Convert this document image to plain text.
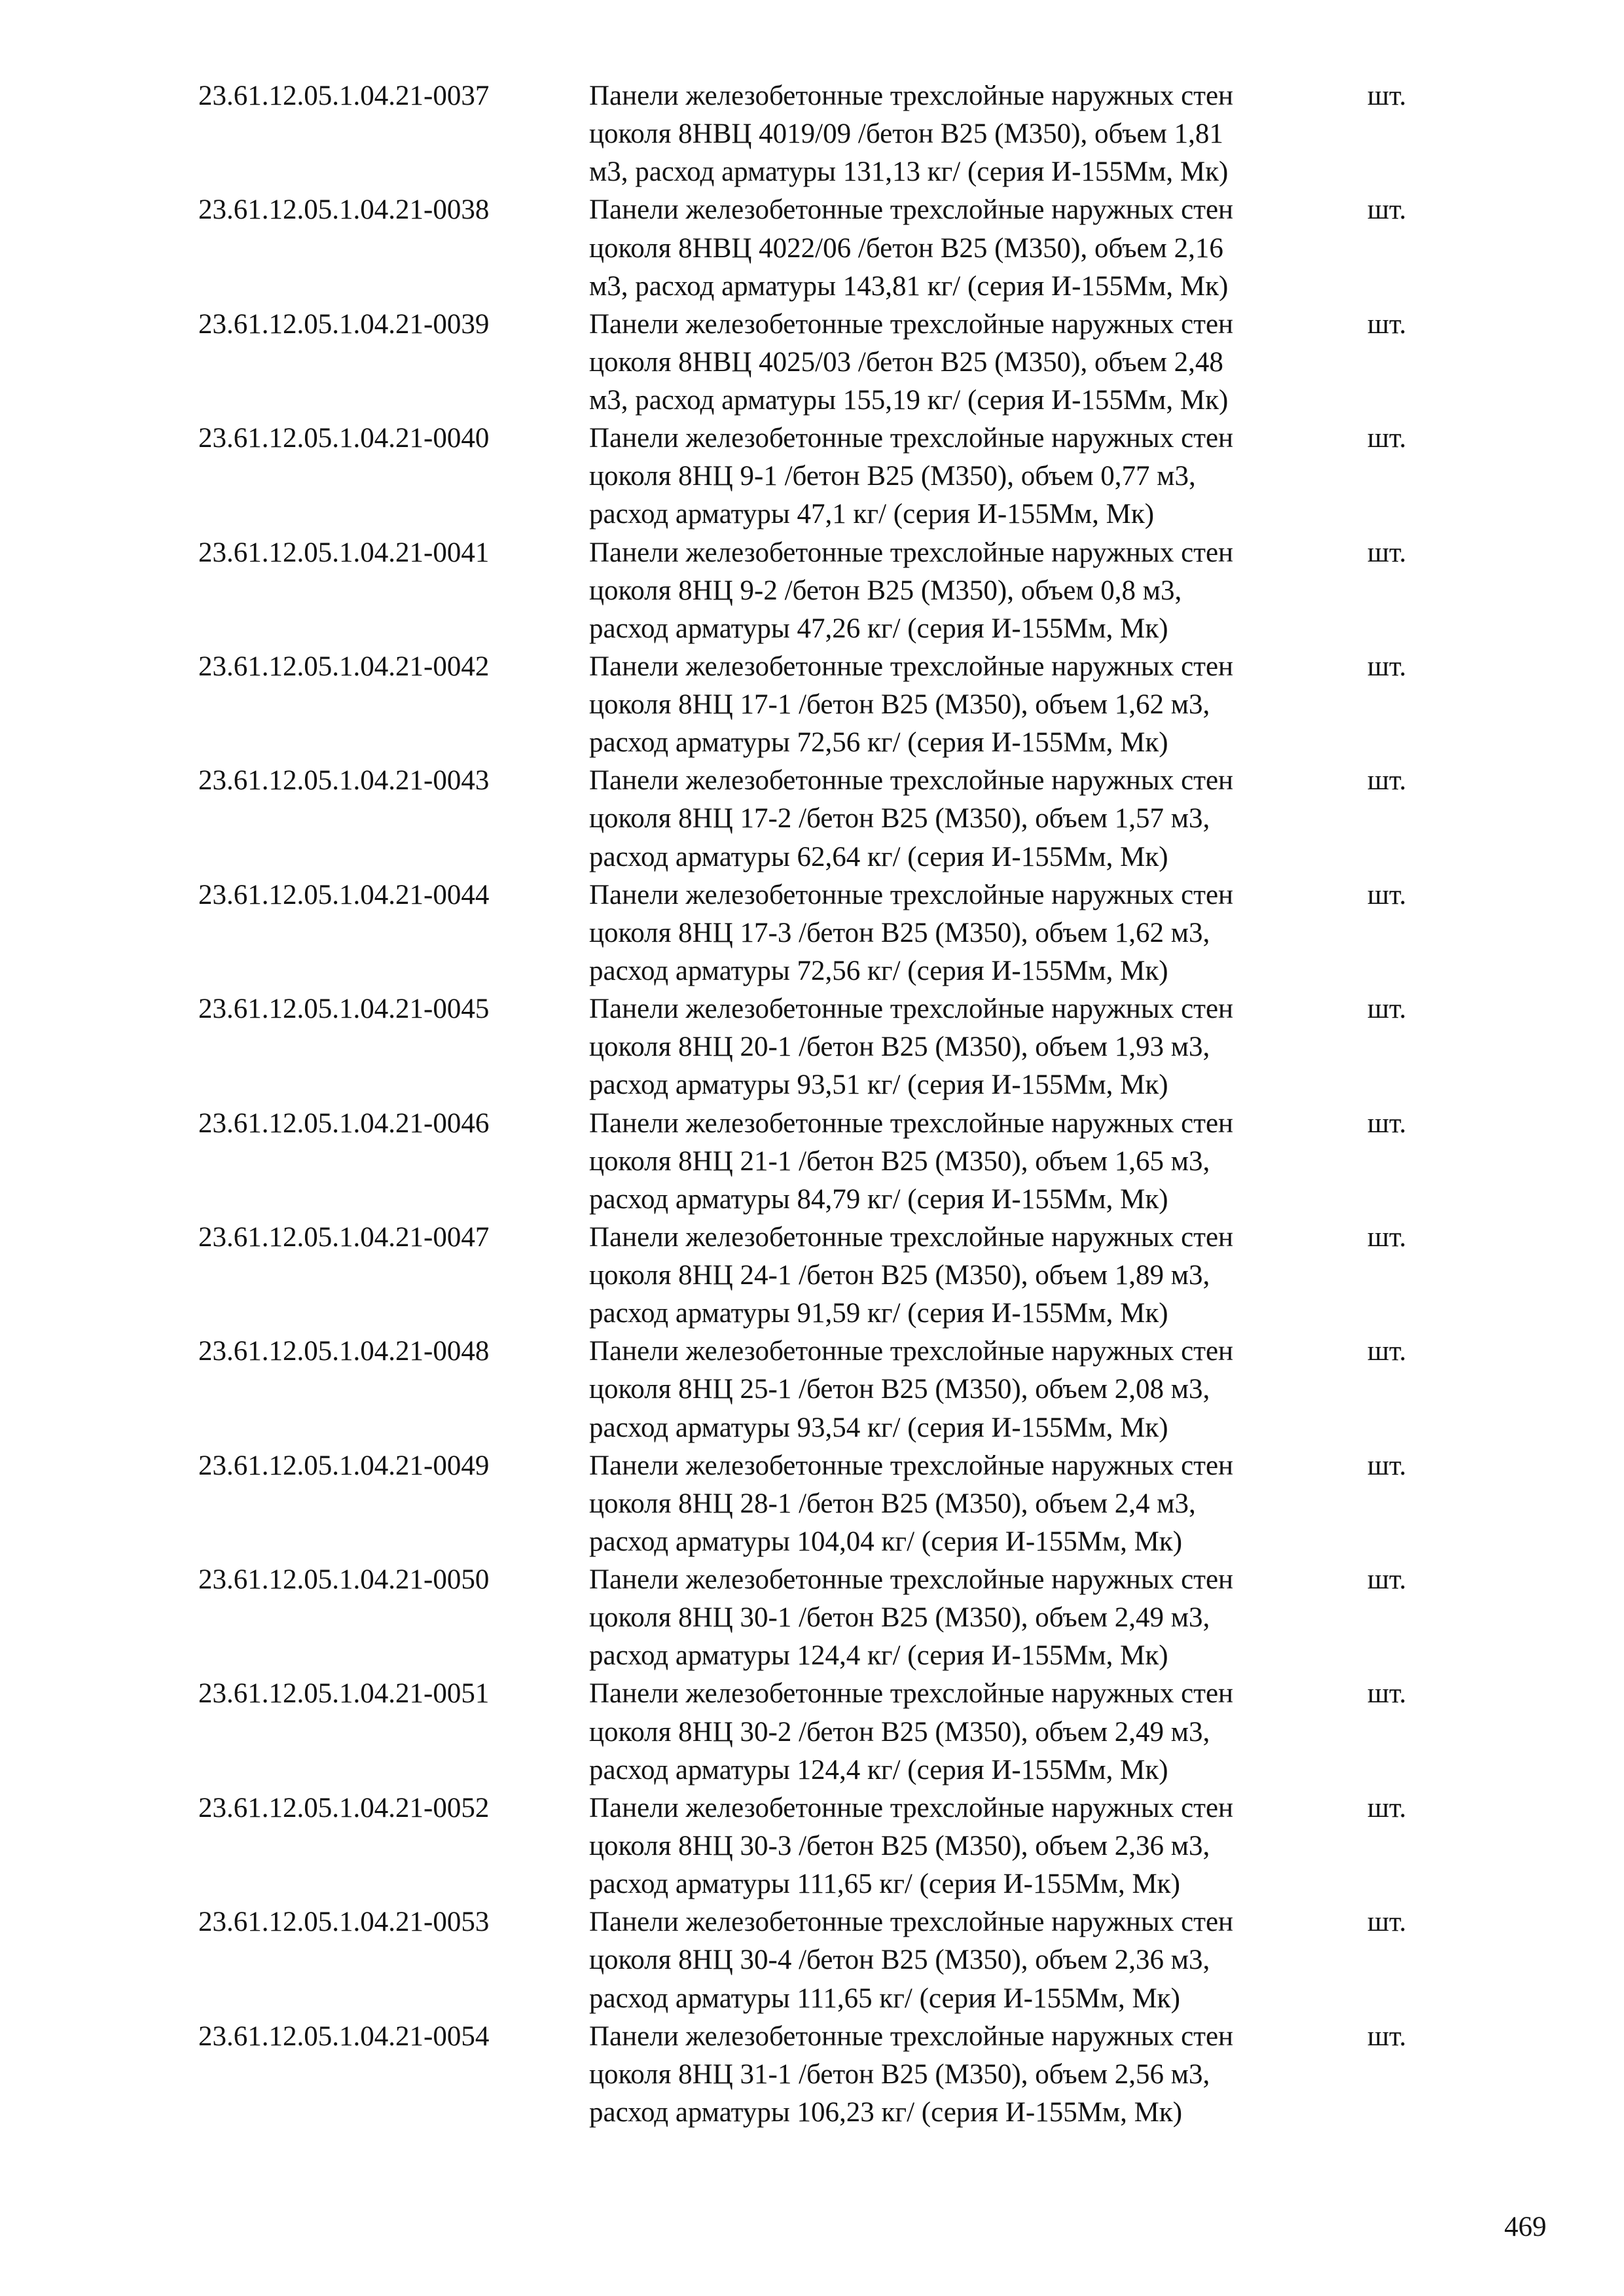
23.61.12.05.1.04.21-0037	Панели железобетонные трехслойные наружных стен
цоколя 8НВЦ 4019/09 /бетон B25 (М350), объем 1,81
м3, расход арматуры 131,13 кг/ (серия И-155Мм, Мк)
шт.
23.61.12.05.1.04.21-0038	Панели железобетонные трехслойные наружных стен
цоколя 8НВЦ 4022/06 /бетон B25 (М350), объем 2,16
м3, расход арматуры 143,81 кг/ (серия И-155Мм, Мк)
шт.
23.61.12.05.1.04.21-0039	Панели железобетонные трехслойные наружных стен
цоколя 8НВЦ 4025/03 /бетон B25 (М350), объем 2,48
м3, расход арматуры 155,19 кг/ (серия И-155Мм, Мк)
шт.
23.61.12.05.1.04.21-0040	Панели железобетонные трехслойные наружных стен
цоколя 8НЦ 9-1 /бетон B25 (М350), объем 0,77 м3,
расход арматуры 47,1 кг/ (серия И-155Мм, Мк)
шт.
23.61.12.05.1.04.21-0041	Панели железобетонные трехслойные наружных стен
цоколя 8НЦ 9-2 /бетон B25 (М350), объем 0,8 м3,
расход арматуры 47,26 кг/ (серия И-155Мм, Мк)
шт.
23.61.12.05.1.04.21-0042	Панели железобетонные трехслойные наружных стен
цоколя 8НЦ 17-1 /бетон B25 (М350), объем 1,62 м3,
расход арматуры 72,56 кг/ (серия И-155Мм, Мк)
шт.
23.61.12.05.1.04.21-0043	Панели железобетонные трехслойные наружных стен
цоколя 8НЦ 17-2 /бетон B25 (М350), объем 1,57 м3,
расход арматуры 62,64 кг/ (серия И-155Мм, Мк)
шт.
23.61.12.05.1.04.21-0044	Панели железобетонные трехслойные наружных стен
цоколя 8НЦ 17-3 /бетон B25 (М350), объем 1,62 м3,
расход арматуры 72,56 кг/ (серия И-155Мм, Мк)
шт.
23.61.12.05.1.04.21-0045	Панели железобетонные трехслойные наружных стен
цоколя 8НЦ 20-1 /бетон B25 (М350), объем 1,93 м3,
расход арматуры 93,51 кг/ (серия И-155Мм, Мк)
шт.
23.61.12.05.1.04.21-0046	Панели железобетонные трехслойные наружных стен
цоколя 8НЦ 21-1 /бетон B25 (М350), объем 1,65 м3,
расход арматуры 84,79 кг/ (серия И-155Мм, Мк)
шт.
23.61.12.05.1.04.21-0047	Панели железобетонные трехслойные наружных стен
цоколя 8НЦ 24-1 /бетон B25 (М350), объем 1,89 м3,
расход арматуры 91,59 кг/ (серия И-155Мм, Мк)
шт.
23.61.12.05.1.04.21-0048	Панели железобетонные трехслойные наружных стен
цоколя 8НЦ 25-1 /бетон B25 (М350), объем 2,08 м3,
расход арматуры 93,54 кг/ (серия И-155Мм, Мк)
шт.
23.61.12.05.1.04.21-0049	Панели железобетонные трехслойные наружных стен
цоколя 8НЦ 28-1 /бетон B25 (М350), объем 2,4 м3,
расход арматуры 104,04 кг/ (серия И-155Мм, Мк)
шт.
23.61.12.05.1.04.21-0050	Панели железобетонные трехслойные наружных стен
цоколя 8НЦ 30-1 /бетон B25 (М350), объем 2,49 м3,
расход арматуры 124,4 кг/ (серия И-155Мм, Мк)
шт.
23.61.12.05.1.04.21-0051	Панели железобетонные трехслойные наружных стен
цоколя 8НЦ 30-2 /бетон B25 (М350), объем 2,49 м3,
расход арматуры 124,4 кг/ (серия И-155Мм, Мк)
шт.
23.61.12.05.1.04.21-0052	Панели железобетонные трехслойные наружных стен
цоколя 8НЦ 30-3 /бетон B25 (М350), объем 2,36 м3,
расход арматуры 111,65 кг/ (серия И-155Мм, Мк)
шт.
23.61.12.05.1.04.21-0053	Панели железобетонные трехслойные наружных стен
цоколя 8НЦ 30-4 /бетон B25 (М350), объем 2,36 м3,
расход арматуры 111,65 кг/ (серия И-155Мм, Мк)
шт.
23.61.12.05.1.04.21-0054	Панели железобетонные трехслойные наружных стен
цоколя 8НЦ 31-1 /бетон B25 (М350), объем 2,56 м3,
расход арматуры 106,23 кг/ (серия И-155Мм, Мк)
шт.
469
